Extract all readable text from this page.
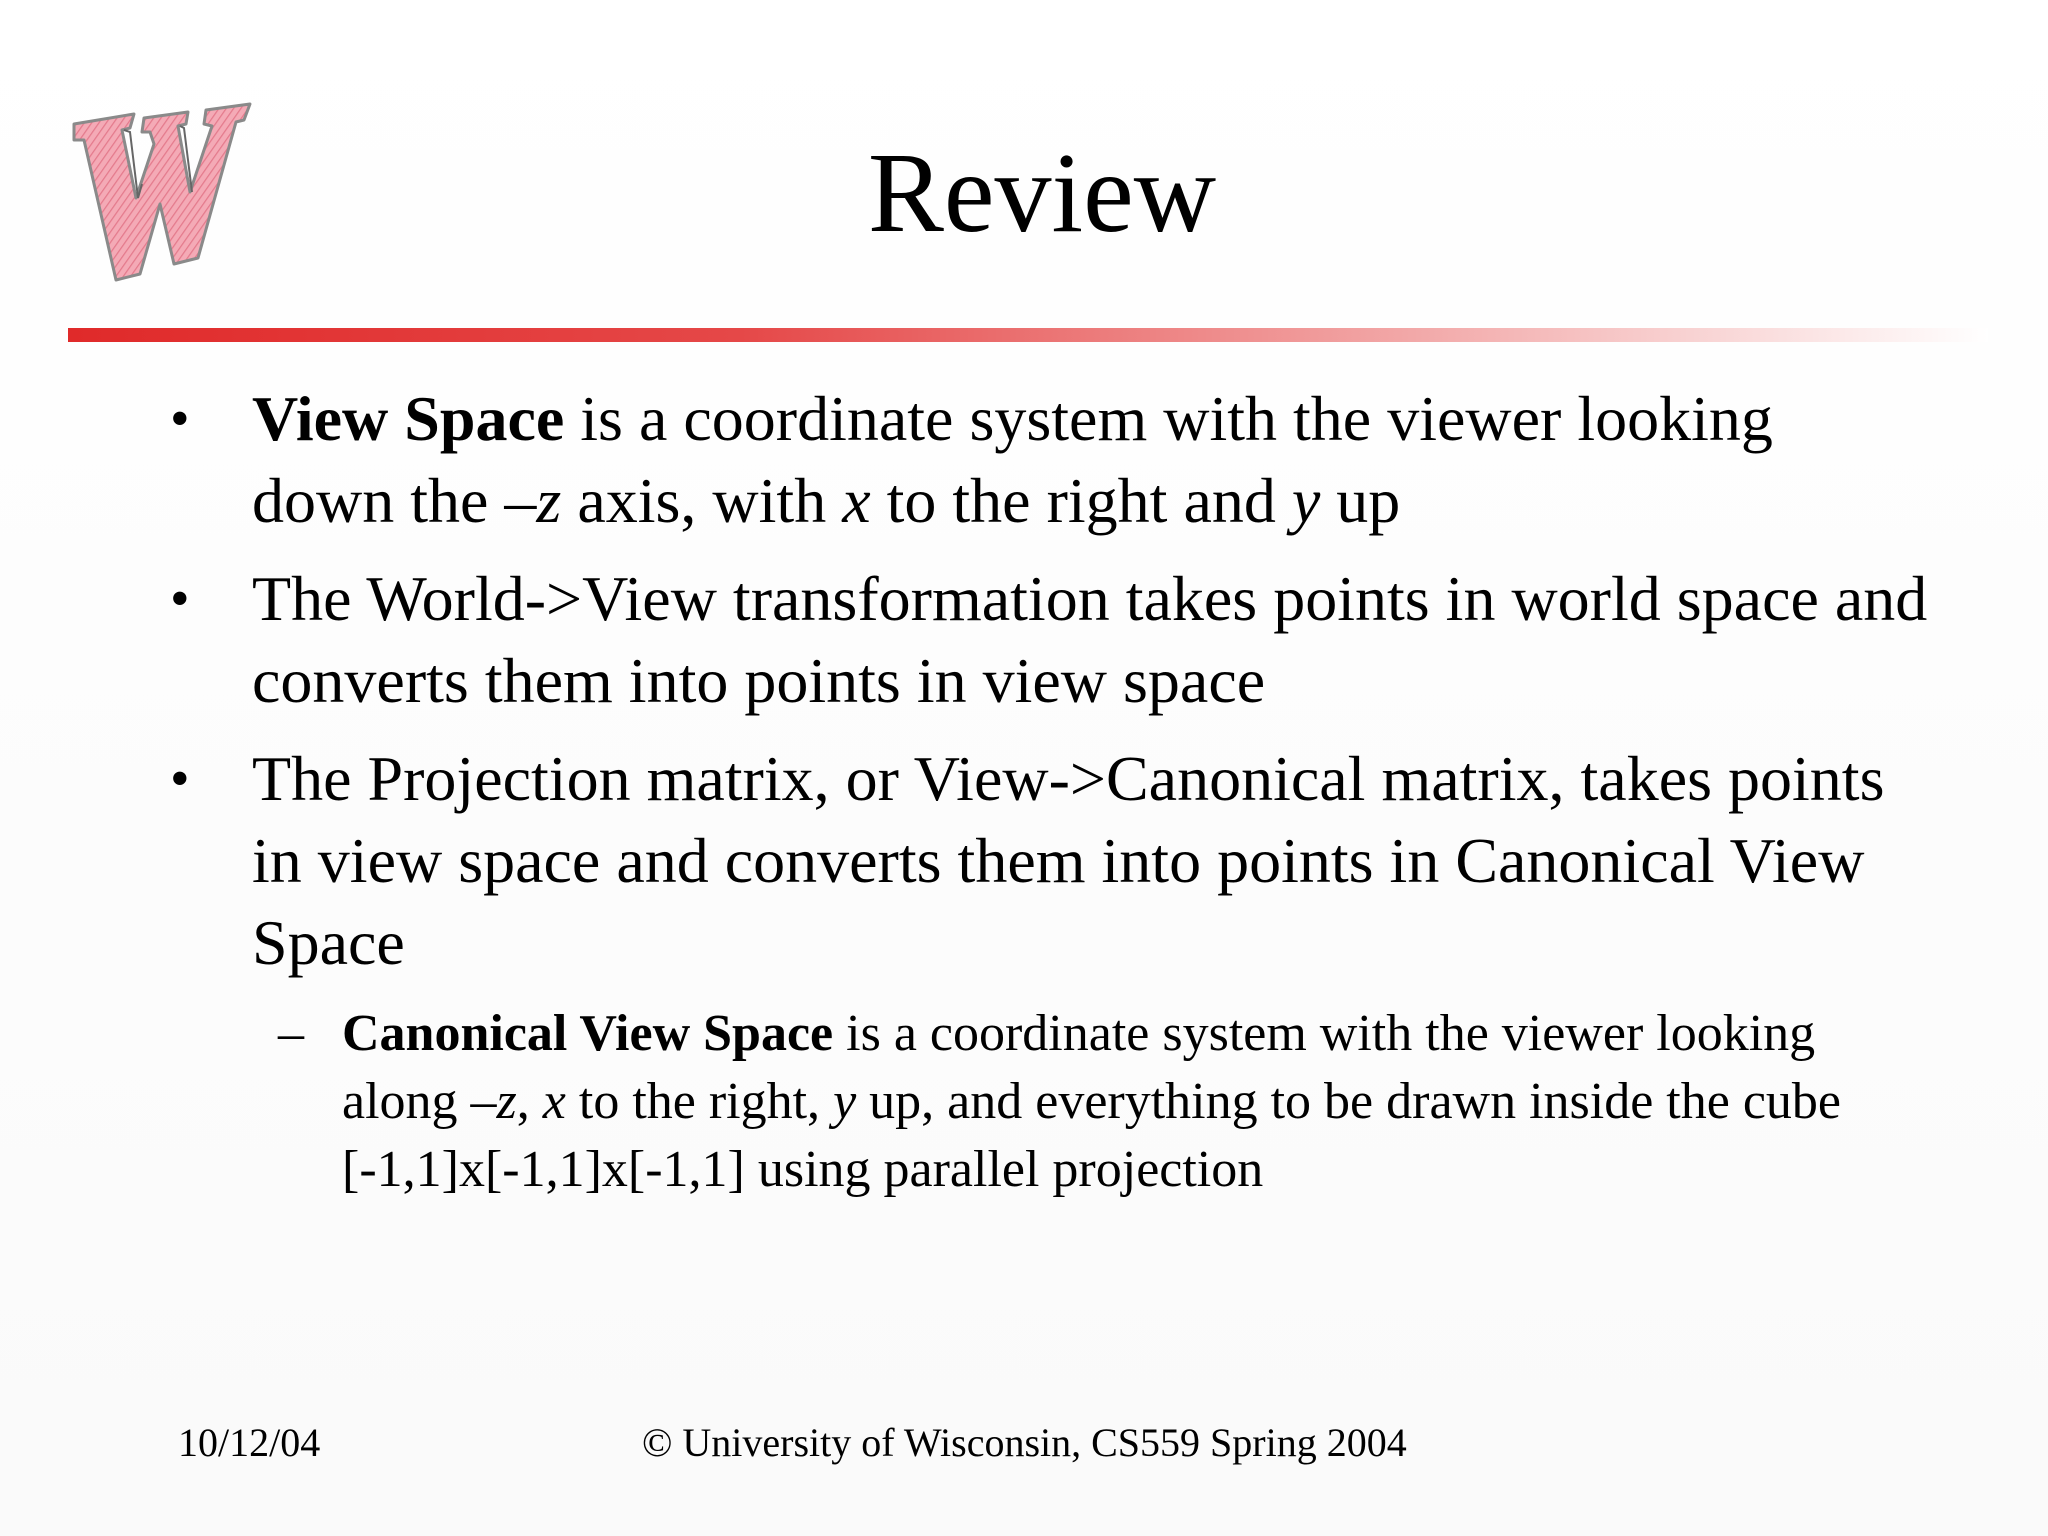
Review
• View Space is a coordinate system with the viewer looking down the –z axis, with x to the right and y up
• The World->View transformation takes points in world space and converts them into points in view space
• The Projection matrix, or View->Canonical matrix, takes points in view space and converts them into points in Canonical View Space
– Canonical View Space is a coordinate system with the viewer looking along –z, x to the right, y up, and everything to be drawn inside the cube [-1,1]x[-1,1]x[-1,1] using parallel projection
10/12/04	© University of Wisconsin, CS559 Spring 2004
